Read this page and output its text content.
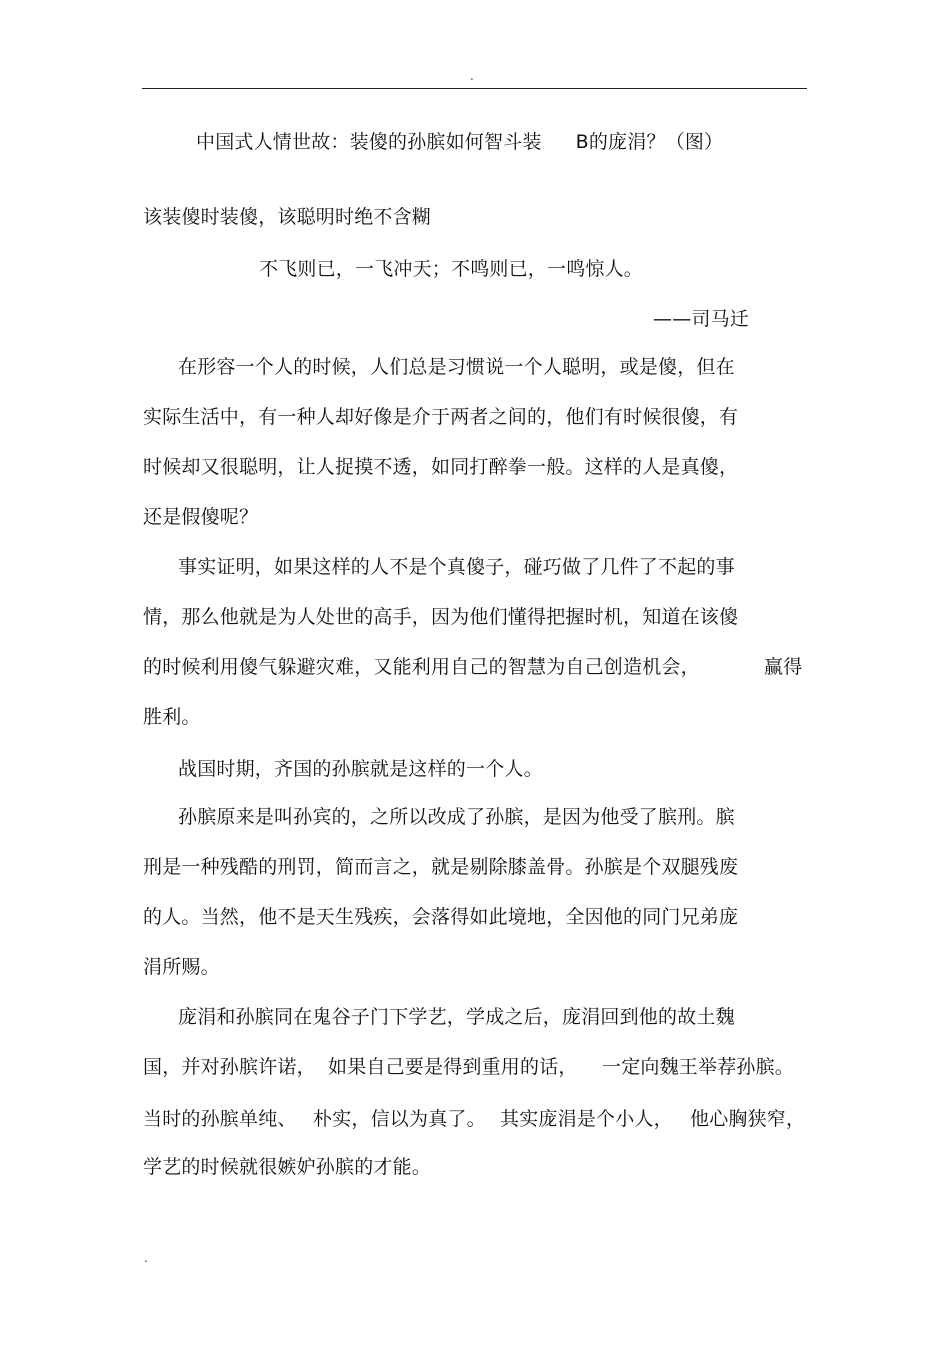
.
中国式人情世故：装傻的孙膑如何智斗装 B的庞涓？（图）
该装傻时装傻，该聪明时绝不含糊
不飞则已，一飞冲天；不鸣则已，一鸣惊人。
——司马迁
在形容一个人的时候，人们总是习惯说一个人聪明，或是傻，但在
实际生活中，有一种人却好像是介于两者之间的，他们有时候很傻，有
时候却又很聪明，让人捉摸不透，如同打醉拳一般。这样的人是真傻，
还是假傻呢？
事实证明，如果这样的人不是个真傻子，碰巧做了几件了不起的事
情，那么他就是为人处世的高手，因为他们懂得把握时机，知道在该傻
的时候利用傻气躲避灾难，又能利用自己的智慧为自己创造机会，	赢得
胜利。
战国时期，齐国的孙膑就是这样的一个人。
孙膑原来是叫孙宾的，之所以改成了孙膑，是因为他受了膑刑。膑
刑是一种残酷的刑罚，简而言之，就是剔除膝盖骨。孙膑是个双腿残废
的人。当然，他不是天生残疾，会落得如此境地，全因他的同门兄弟庞
涓所赐。
庞涓和孙膑同在鬼谷子门下学艺，学成之后，庞涓回到他的故土魏
国，并对孙膑许诺， 如果自己要是得到重用的话， 一定向魏王举荐孙膑。
当时的孙膑单纯、 朴实，信以为真了。 其实庞涓是个小人， 他心胸狭窄，
学艺的时候就很嫉妒孙膑的才能。
.
